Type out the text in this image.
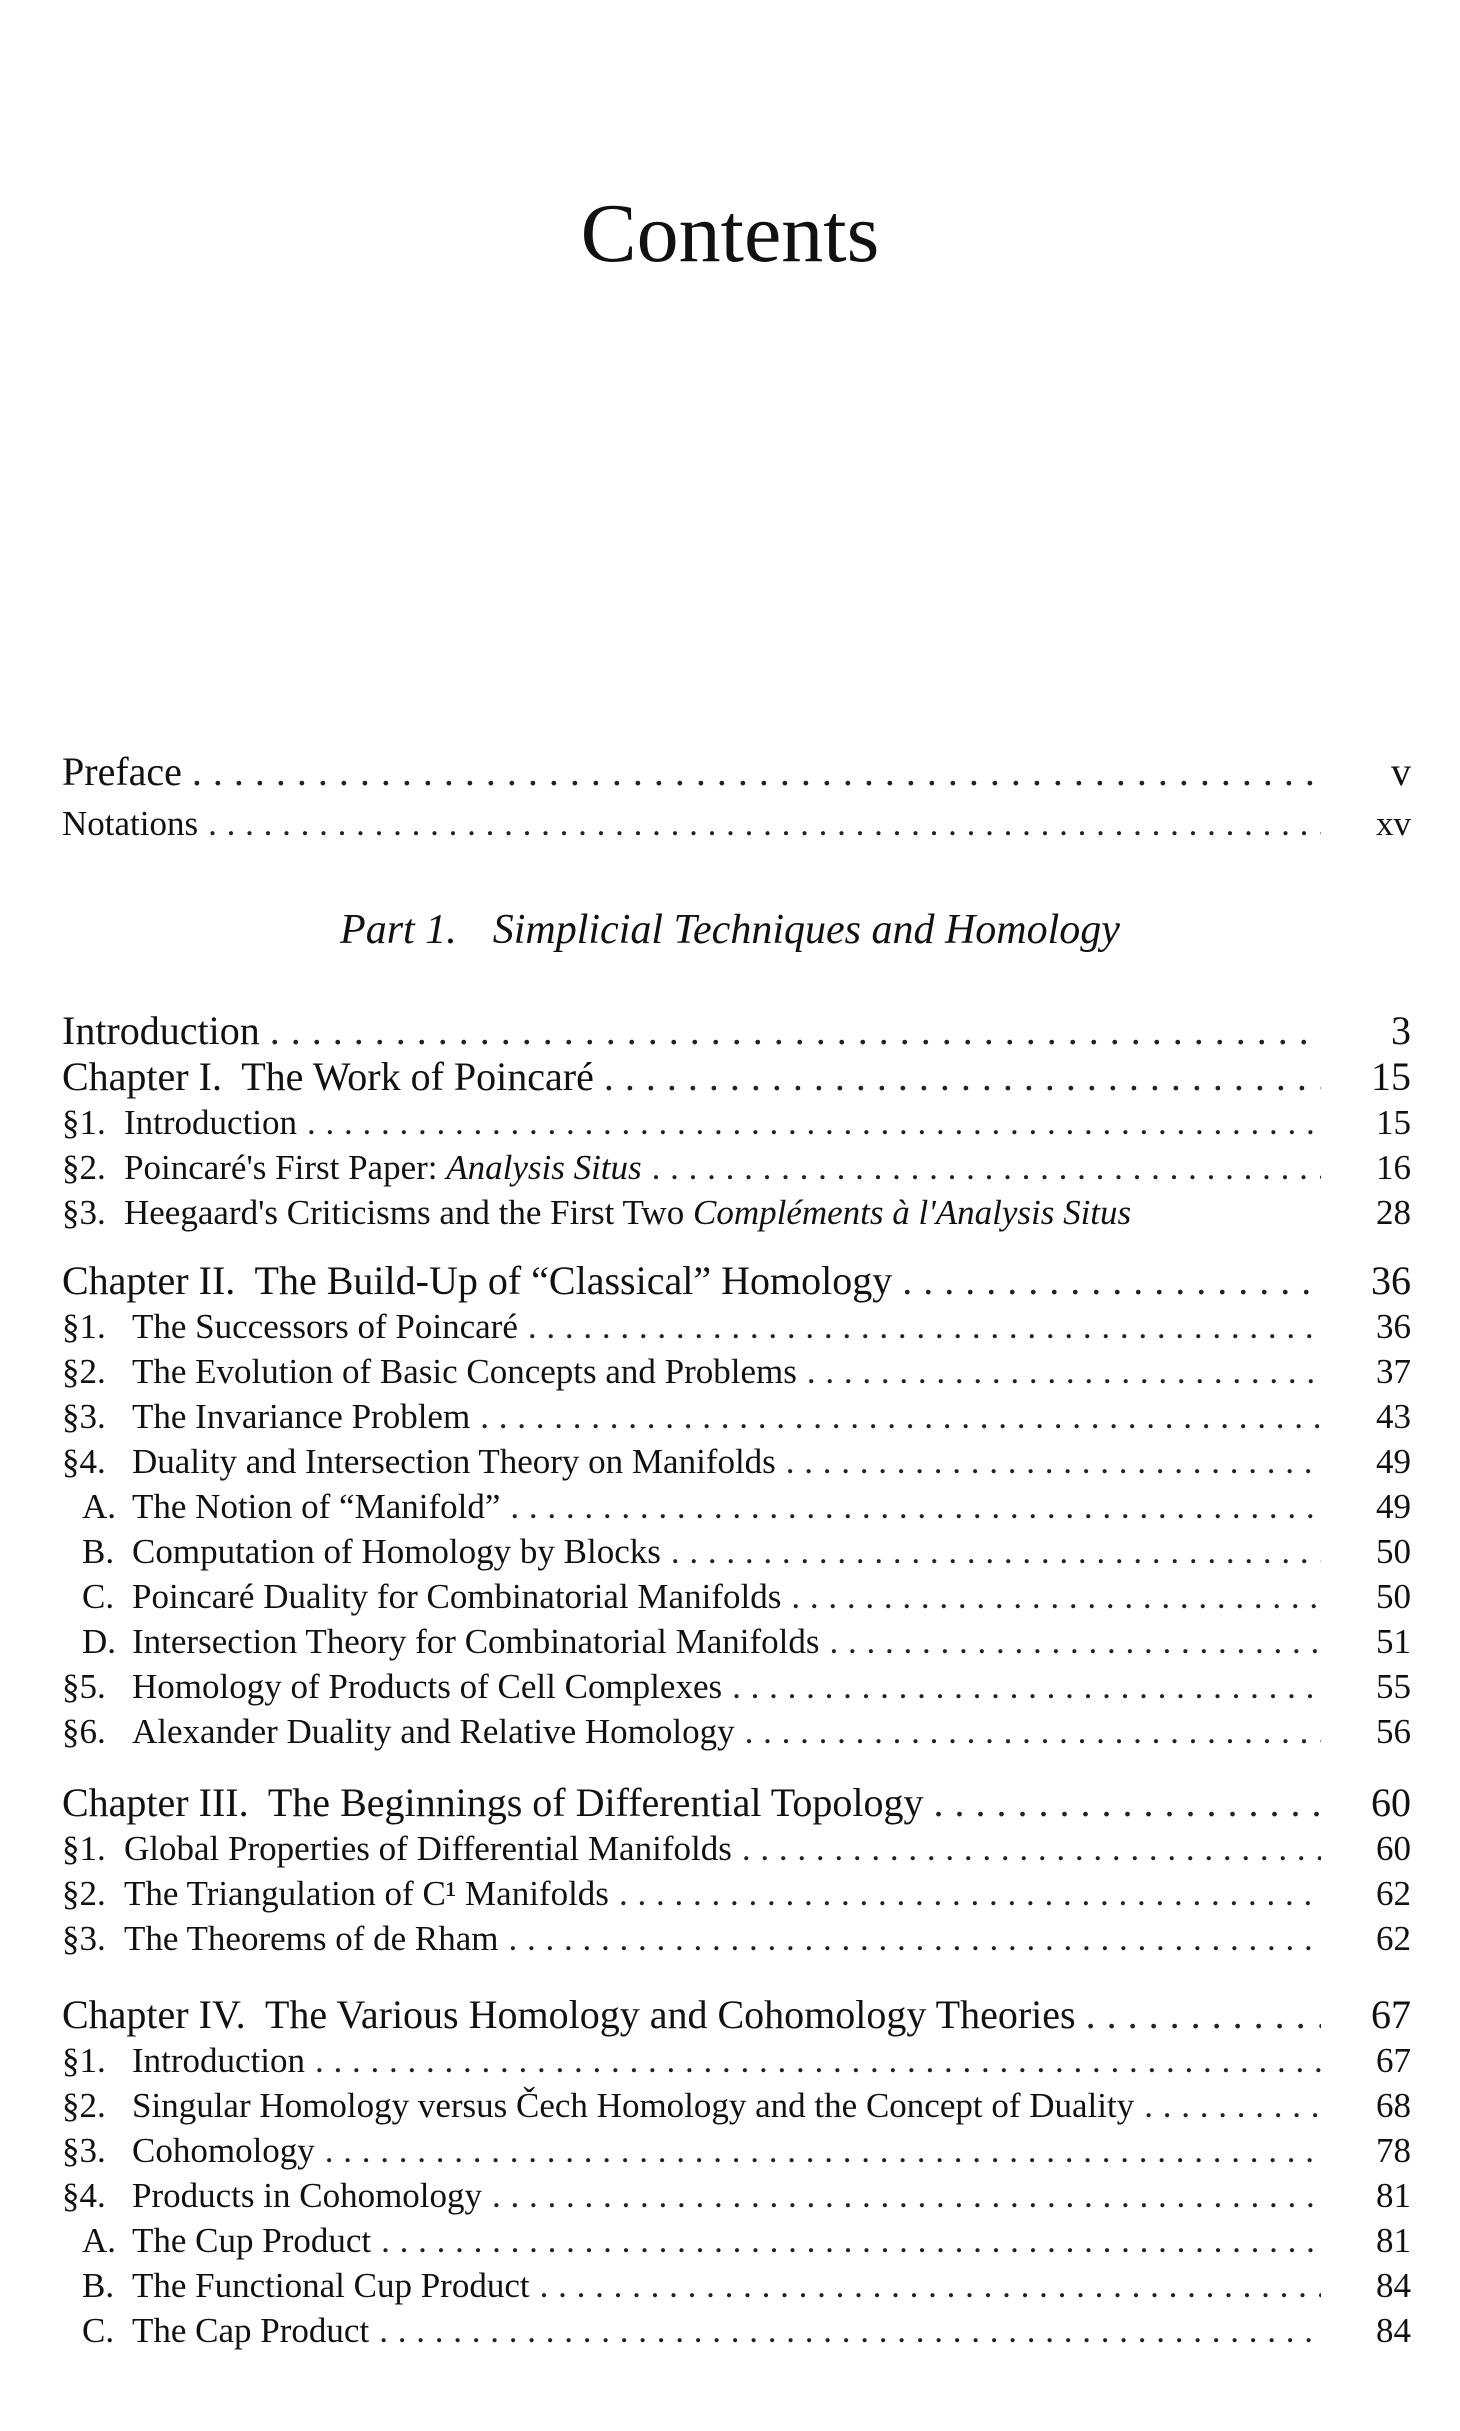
Contents
Preface . . .	v
Notations . . .	xv
Introduction . . .	3
Chapter I. The Work of Poincaré . . .	15
§1. Introduction . . .	15
§2. Poincaré's First Paper: Analysis Situs . . .	16
§3. Heegaard's Criticisms and the First Two Compléments à l'Analysis Situs	28
Chapter II. The Build-Up of “Classical” Homology . . .	36
§1. The Successors of Poincaré . . .	36
§2. The Evolution of Basic Concepts and Problems . . .	37
§3. The Invariance Problem . . .	43
§4. Duality and Intersection Theory on Manifolds . . .	49
A. The Notion of “Manifold” . . .	49
B. Computation of Homology by Blocks . . .	50
C. Poincaré Duality for Combinatorial Manifolds . . .	50
D. Intersection Theory for Combinatorial Manifolds . . .	51
§5. Homology of Products of Cell Complexes . . .	55
§6. Alexander Duality and Relative Homology . . .	56
Chapter III. The Beginnings of Differential Topology . . .	60
§1. Global Properties of Differential Manifolds . . .	60
§2. The Triangulation of C¹ Manifolds . . .	62
§3. The Theorems of de Rham . . .	62
Chapter IV. The Various Homology and Cohomology Theories . . .	67
§1. Introduction . . .	67
§2. Singular Homology versus Čech Homology and the Concept of Duality . . .	68
§3. Cohomology . . .	78
§4. Products in Cohomology . . .	81
A. The Cup Product . . .	81
B. The Functional Cup Product . . .	84
C. The Cap Product . . .	84
Part 1. Simplicial Techniques and Homology
